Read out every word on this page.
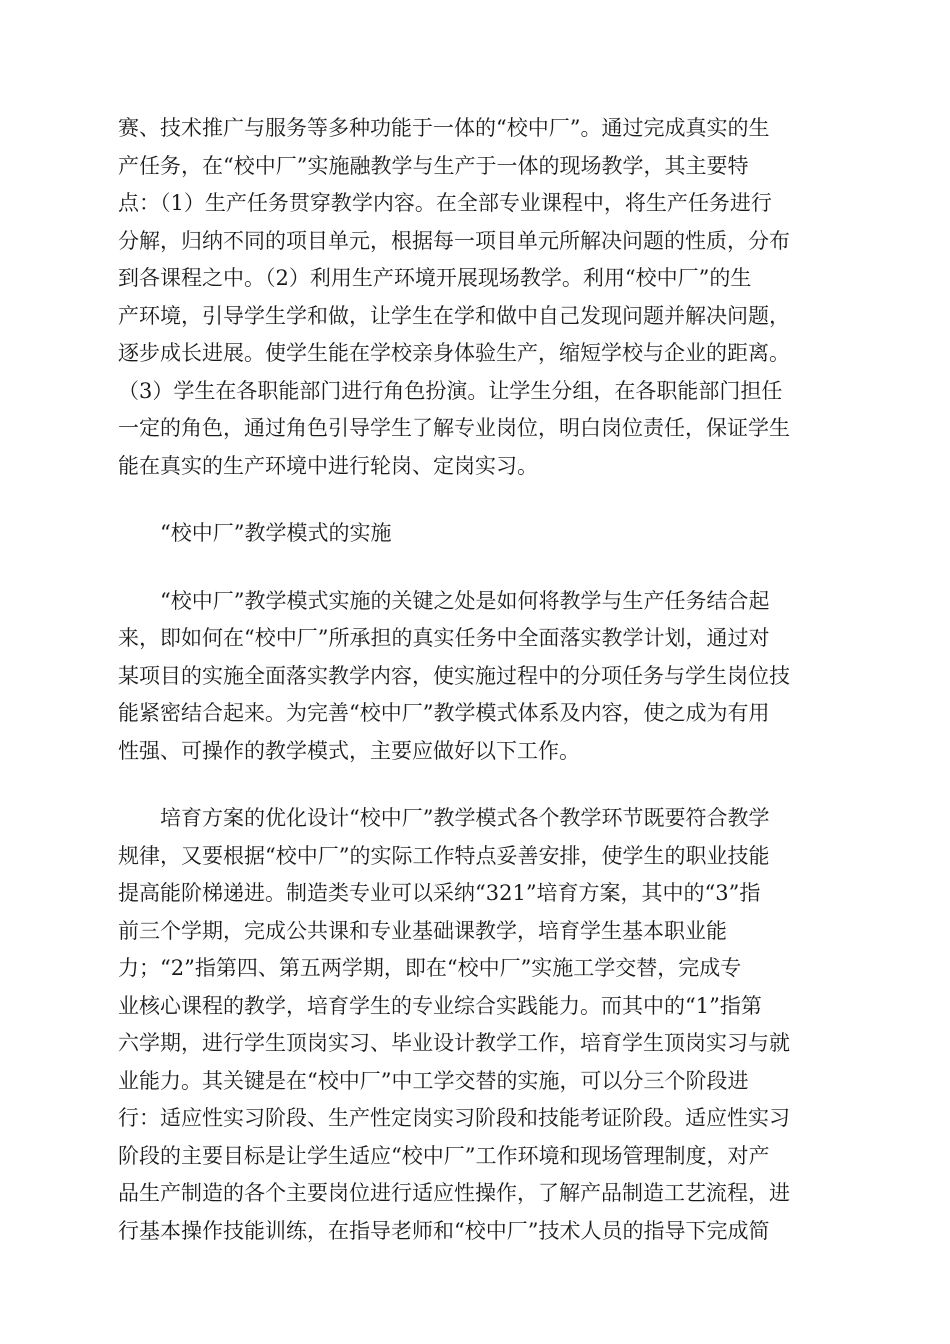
赛、技术推广与服务等多种功能于一体的“校中厂”。通过完成真实的生
产任务，在“校中厂”实施融教学与生产于一体的现场教学，其主要特
点：（1）生产任务贯穿教学内容。在全部专业课程中，将生产任务进行
分解，归纳不同的项目单元，根据每一项目单元所解决问题的性质，分布
到各课程之中。（2）利用生产环境开展现场教学。利用“校中厂”的生
产环境，引导学生学和做，让学生在学和做中自己发现问题并解决问题，
逐步成长进展。使学生能在学校亲身体验生产，缩短学校与企业的距离。
（3）学生在各职能部门进行角色扮演。让学生分组，在各职能部门担任
一定的角色，通过角色引导学生了解专业岗位，明白岗位责任，保证学生
能在真实的生产环境中进行轮岗、定岗实习。

“校中厂”教学模式的实施

“校中厂”教学模式实施的关键之处是如何将教学与生产任务结合起
来，即如何在“校中厂”所承担的真实任务中全面落实教学计划，通过对
某项目的实施全面落实教学内容，使实施过程中的分项任务与学生岗位技
能紧密结合起来。为完善“校中厂”教学模式体系及内容，使之成为有用
性强、可操作的教学模式，主要应做好以下工作。

培育方案的优化设计“校中厂”教学模式各个教学环节既要符合教学
规律，又要根据“校中厂”的实际工作特点妥善安排，使学生的职业技能
提高能阶梯递进。制造类专业可以采纳“321”培育方案，其中的“3”指
前三个学期，完成公共课和专业基础课教学，培育学生基本职业能
力；“2”指第四、第五两学期，即在“校中厂”实施工学交替，完成专
业核心课程的教学，培育学生的专业综合实践能力。而其中的“1”指第
六学期，进行学生顶岗实习、毕业设计教学工作，培育学生顶岗实习与就
业能力。其关键是在“校中厂”中工学交替的实施，可以分三个阶段进
行：适应性实习阶段、生产性定岗实习阶段和技能考证阶段。适应性实习
阶段的主要目标是让学生适应“校中厂”工作环境和现场管理制度，对产
品生产制造的各个主要岗位进行适应性操作，了解产品制造工艺流程，进
行基本操作技能训练，在指导老师和“校中厂”技术人员的指导下完成简
